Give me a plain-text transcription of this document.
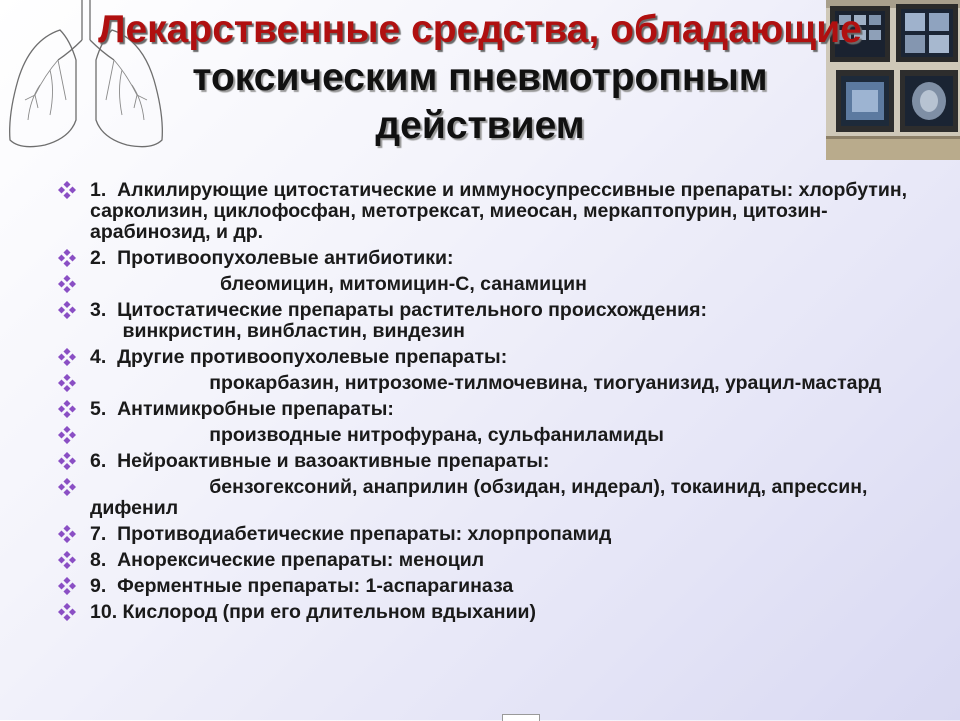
Лекарственные средства, обладающие
токсическим пневмотропным
действием
1.  Алкилирующие цитостатические и иммуносупрессивные препараты: хлорбутин, сарколизин, циклофосфан, метотрексат, миеосан, меркаптопурин, цитозин-арабинозид, и др.
2.  Противоопухолевые антибиотики:
блеомицин, митомицин-С, санамицин
3.  Цитостатические препараты растительного происхождения:
винкристин, винбластин, виндезин
4.  Другие противоопухолевые препараты:
прокарбазин, нитрозоме-тилмочевина, тиогуанизид, урацил-мастард
5.  Антимикробные препараты:
производные нитрофурана, сульфаниламиды
6.  Нейроактивные и вазоактивные препараты:
бензогексоний, анаприлин (обзидан, индерал), токаинид, апрессин, дифенил
7.  Противодиабетические препараты: хлорпропамид
8.  Анорексические препараты: меноцил
9.  Ферментные препараты: 1-аспарагиназа
10. Кислород (при его длительном вдыхании)
